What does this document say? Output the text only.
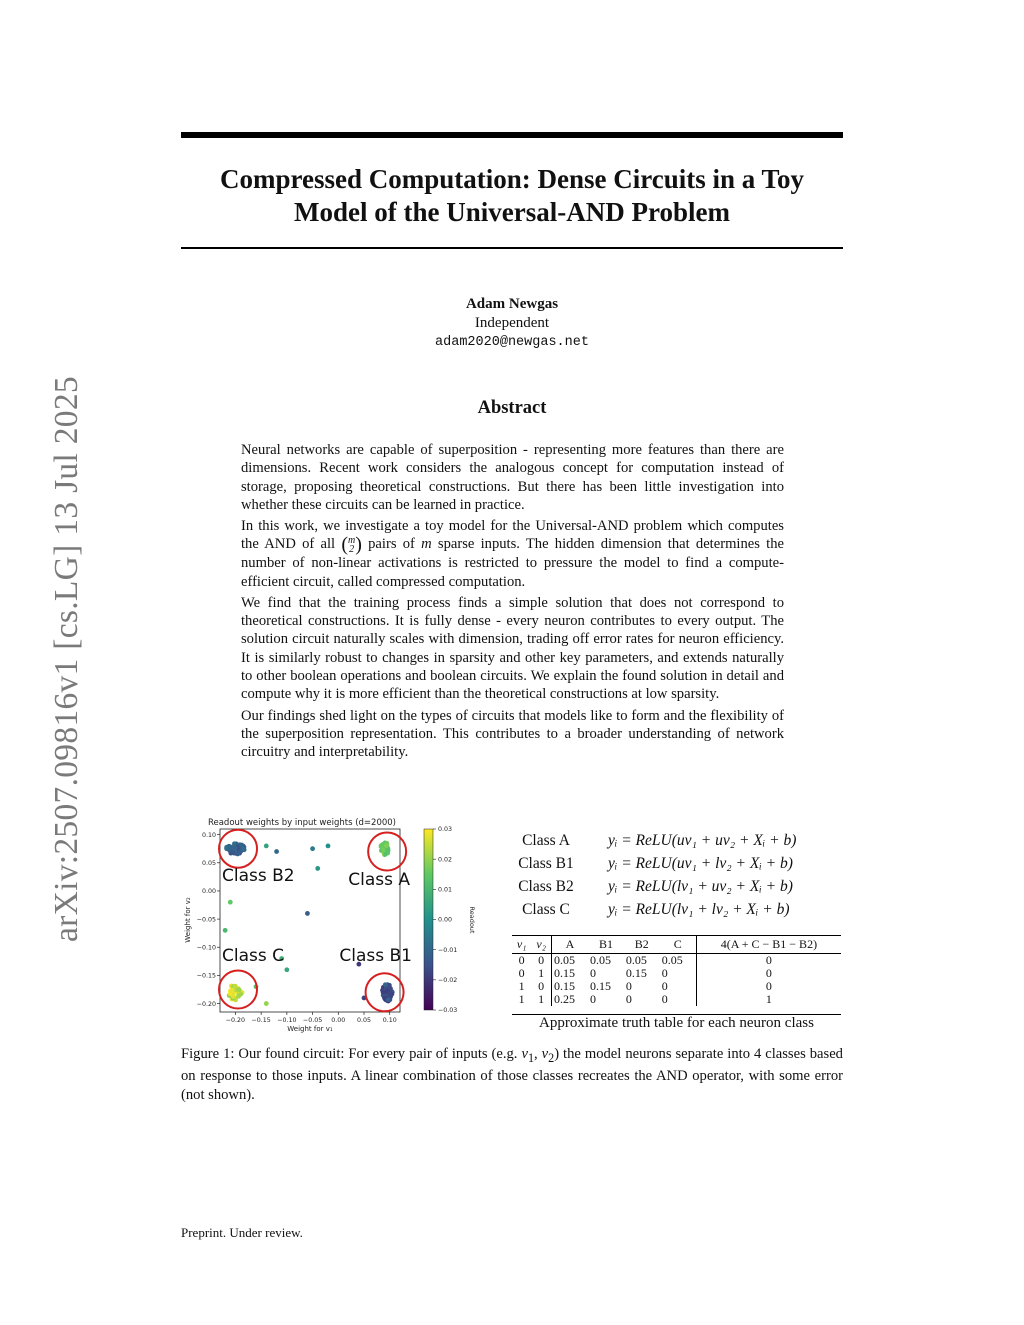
arXiv:2507.09816v1 [cs.LG] 13 Jul 2025
Compressed Computation: Dense Circuits in a Toy
Model of the Universal-AND Problem
Adam Newgas
Independent
adam2020@newgas.net
Abstract

Neural networks are capable of superposition - representing more features than there are dimensions. Recent work considers the analogous concept for computation instead of storage, proposing theoretical constructions. But there has been little investigation into whether these circuits can be learned in practice.

In this work, we investigate a toy model for the Universal-AND problem which computes the AND of all (m
2) pairs of m sparse inputs. The hidden dimension that determines the number of non-linear activations is restricted to pressure the model to find a compute-efficient circuit, called compressed computation.

We find that the training process finds a simple solution that does not correspond to theoretical constructions. It is fully dense - every neuron contributes to every output. The solution circuit naturally scales with dimension, trading off error rates for neuron efficiency. It is similarly robust to changes in sparsity and other key parameters, and extends naturally to other boolean operations and boolean circuits. We explain the found solution in detail and compute why it is more efficient than the theoretical constructions at low sparsity.

Our findings shed light on the types of circuits that models like to form and the flexibility of the superposition representation. This contributes to a broader understanding of network circuitry and interpretability.

Readout weights by input weights (d=2000)
−0.20 −0.15 −0.10 −0.05 0.00 0.05 0.10
0.10
0.05
0.00
−0.05
−0.10
−0.15
−0.20
Class B2	Class A
Class C	Class B1
Weight for v₁
Weight for v₂
0.03
0.02
0.01
0.00
−0.01
−0.02
−0.03
Readout
Class A	yᵢ = ReLU(uv₁ + uv₂ + Xᵢ + b)
Class B1	yᵢ = ReLU(uv₁ + lv₂ + Xᵢ + b)
Class B2	yᵢ = ReLU(lv₁ + uv₂ + Xᵢ + b)
Class C	yᵢ = ReLU(lv₁ + lv₂ + Xᵢ + b)
v₁	v₂	A	B1	B2	C	4(A + C − B1 − B2)
0	0	0.05	0.05	0.05	0.05	0
0	1	0.15	0	0.15	0	0
1	0	0.15	0.15	0	0	0
1	1	0.25	0	0	0	1
Approximate truth table for each neuron class
Figure 1: Our found circuit: For every pair of inputs (e.g. $v_1$, $v_2$) the model neurons separate into 4 classes based on response to those inputs. A linear combination of those classes recreates the AND operator, with some error (not shown).
Preprint. Under review.
